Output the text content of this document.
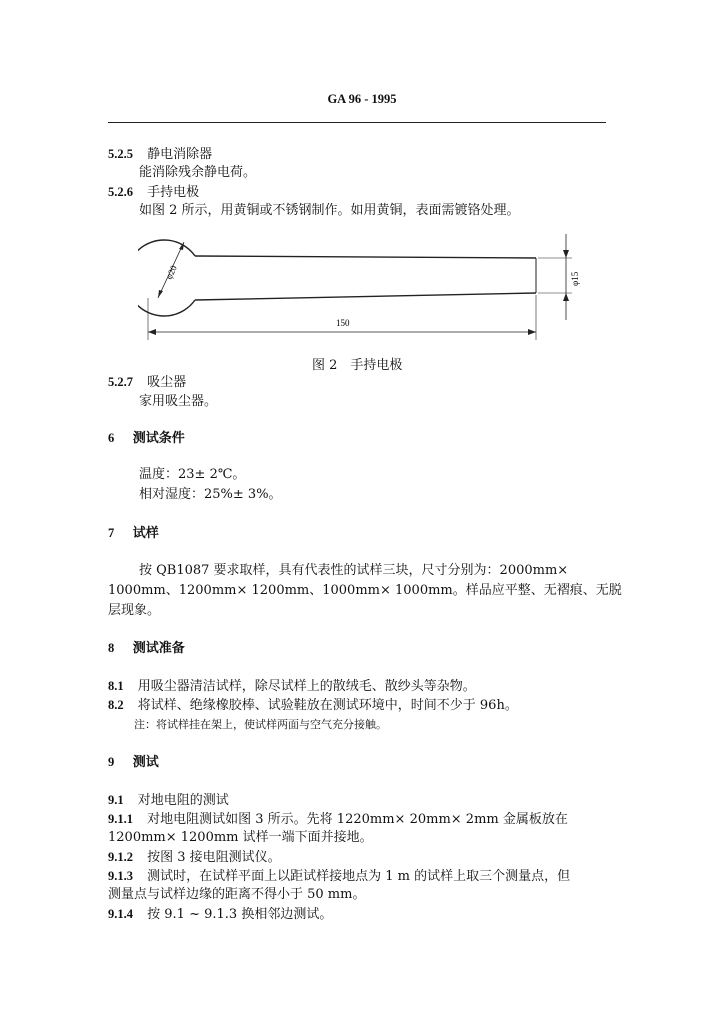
GA 96 - 1995
5.2.5 静电消除器
能消除残余静电荷。
5.2.6 手持电极
如图 2 所示，用黄铜或不锈钢制作。如用黄铜，表面需镀铬处理。
φ20	φ15
150
图 2　手持电极
5.2.7 吸尘器
家用吸尘器。
6 测试条件
温度：23± 2℃。
相对湿度：25%± 3%。
7 试样
按 QB1087 要求取样，具有代表性的试样三块，尺寸分别为：2000mm×
1000mm、1200mm× 1200mm、1000mm× 1000mm。样品应平整、无褶痕、无脱
层现象。
8 测试准备
8.1 用吸尘器清洁试样，除尽试样上的散绒毛、散纱头等杂物。
8.2 将试样、绝缘橡胶棒、试验鞋放在测试环境中，时间不少于 96h。
注：将试样挂在架上，使试样两面与空气充分接触。
9 测试
9.1 对地电阻的测试
9.1.1 对地电阻测试如图 3 所示。先将 1220mm× 20mm× 2mm 金属板放在
1200mm× 1200mm 试样一端下面并接地。
9.1.2 按图 3 接电阻测试仪。
9.1.3 测试时，在试样平面上以距试样接地点为 1 m 的试样上取三个测量点，但
测量点与试样边缘的距离不得小于 50 mm。
9.1.4 按 9.1 ~ 9.1.3 换相邻边测试。
